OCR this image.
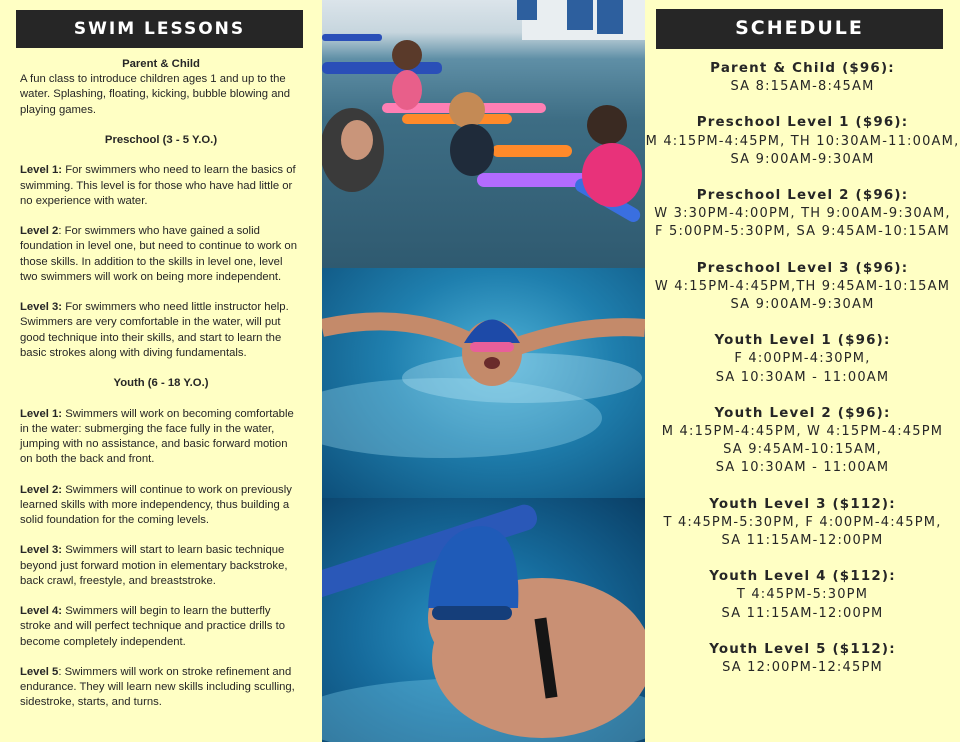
SWIM LESSONS

Parent & Child

A fun class to introduce children ages 1 and up to the water. Splashing, floating, kicking, bubble blowing and playing games.

Preschool (3 - 5 Y.O.)

Level 1: For swimmers who need to learn the basics of swimming. This level is for those who have had little or no experience with water.

Level 2: For swimmers who have gained a solid foundation in level one, but need to continue to work on those skills. In addition to the skills in level one, level two swimmers will work on being more independent.

Level 3: For swimmers who need little instructor help. Swimmers are very comfortable in the water, will put good technique into their skills, and start to learn the basic strokes along with diving fundamentals.

Youth (6 - 18 Y.O.)

Level 1: Swimmers will work on becoming comfortable in the water: submerging the face fully in the water, jumping with no assistance, and basic forward motion on both the back and front.

Level 2: Swimmers will continue to work on previously learned skills with more independency, thus building a solid foundation for the coming levels.

Level 3: Swimmers will start to learn basic technique beyond just forward motion in elementary backstroke, back crawl, freestyle, and breaststroke.

Level 4: Swimmers will begin to learn the butterfly stroke and will perfect technique and practice drills to become completely independent.

Level 5: Swimmers will work on stroke refinement and endurance. They will learn new skills including sculling, sidestroke, starts, and turns.

SCHEDULE
Parent & Child ($96):
SA 8:15AM-8:45AM
Preschool Level 1 ($96):
M 4:15PM-4:45PM, TH 10:30AM-11:00AM,
SA 9:00AM-9:30AM
Preschool Level 2 ($96):
W 3:30PM-4:00PM, TH 9:00AM-9:30AM,
F 5:00PM-5:30PM, SA 9:45AM-10:15AM
Preschool Level 3 ($96):
W 4:15PM-4:45PM,TH 9:45AM-10:15AM
SA 9:00AM-9:30AM
Youth Level 1 ($96):
F 4:00PM-4:30PM,
SA 10:30AM - 11:00AM
Youth Level 2 ($96):
M 4:15PM-4:45PM, W 4:15PM-4:45PM
SA 9:45AM-10:15AM,
SA 10:30AM - 11:00AM
Youth Level 3 ($112):
T 4:45PM-5:30PM, F 4:00PM-4:45PM,
SA 11:15AM-12:00PM
Youth Level 4 ($112):
T 4:45PM-5:30PM
SA 11:15AM-12:00PM
Youth Level 5 ($112):
SA 12:00PM-12:45PM
